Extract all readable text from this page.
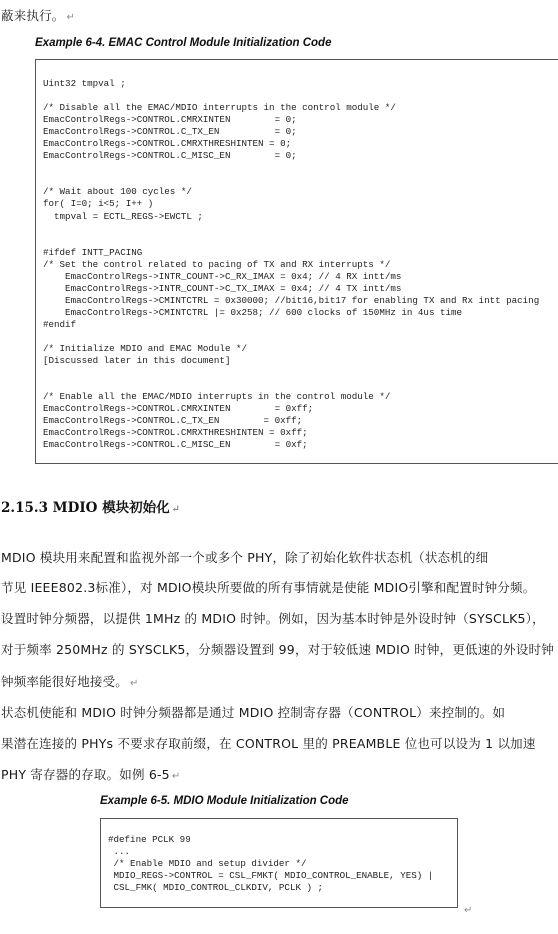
蔽来执行。 ↵
Example 6-4. EMAC Control Module Initialization Code
Uint32 tmpval ;

/* Disable all the EMAC/MDIO interrupts in the control module */
EmacControlRegs->CONTROL.CMRXINTEN        = 0;
EmacControlRegs->CONTROL.C_TX_EN          = 0;
EmacControlRegs->CONTROL.CMRXTHRESHINTEN = 0;
EmacControlRegs->CONTROL.C_MISC_EN        = 0;

/* Wait about 100 cycles */
for( I=0; i<5; I++ )
tmpval = ECTL_REGS->EWCTL ;

#ifdef INTT_PACING
/* Set the control related to pacing of TX and RX interrupts */
EmacControlRegs->INTR_COUNT->C_RX_IMAX = 0x4; // 4 RX intt/ms
EmacControlRegs->INTR_COUNT->C_TX_IMAX = 0x4; // 4 TX intt/ms
EmacControlRegs->CMINTCTRL = 0x30000; //bit16,bit17 for enabling TX and Rx intt pacing
EmacControlRegs->CMINTCTRL |= 0x258; // 600 clocks of 150MHz in 4us time
#endif

/* Initialize MDIO and EMAC Module */
[Discussed later in this document]

/* Enable all the EMAC/MDIO interrupts in the control module */
EmacControlRegs->CONTROL.CMRXINTEN        = 0xff;
EmacControlRegs->CONTROL.C_TX_EN        = 0xff;
EmacControlRegs->CONTROL.CMRXTHRESHINTEN = 0xff;
EmacControlRegs->CONTROL.C_MISC_EN        = 0xf;
2.15.3 MDIO 模块初始化 ↵
MDIO 模块用来配置和监视外部一个或多个 PHY，除了初始化软件状态机（状态机的细
节见 IEEE802.3标准），对 MDIO模块所要做的所有事情就是使能 MDIO引擎和配置时钟分频。
设置时钟分频器，以提供 1MHz 的 MDIO 时钟。例如，因为基本时钟是外设时钟（SYSCLK5），
对于频率 250MHz 的 SYSCLK5，分频器设置到 99，对于较低速 MDIO 时钟，更低速的外设时钟
钟频率能很好地接受。 ↵
状态机使能和 MDIO 时钟分频器都是通过 MDIO 控制寄存器（CONTROL）来控制的。如
果潜在连接的 PHYs 不要求存取前缀，在 CONTROL 里的 PREAMBLE 位也可以设为 1 以加速
PHY 寄存器的存取。如例 6-5 ↵
Example 6-5. MDIO Module Initialization Code
#define PCLK 99
...
/* Enable MDIO and setup divider */
MDIO_REGS->CONTROL = CSL_FMKT( MDIO_CONTROL_ENABLE, YES) |
CSL_FMK( MDIO_CONTROL_CLKDIV, PCLK ) ;
↵
